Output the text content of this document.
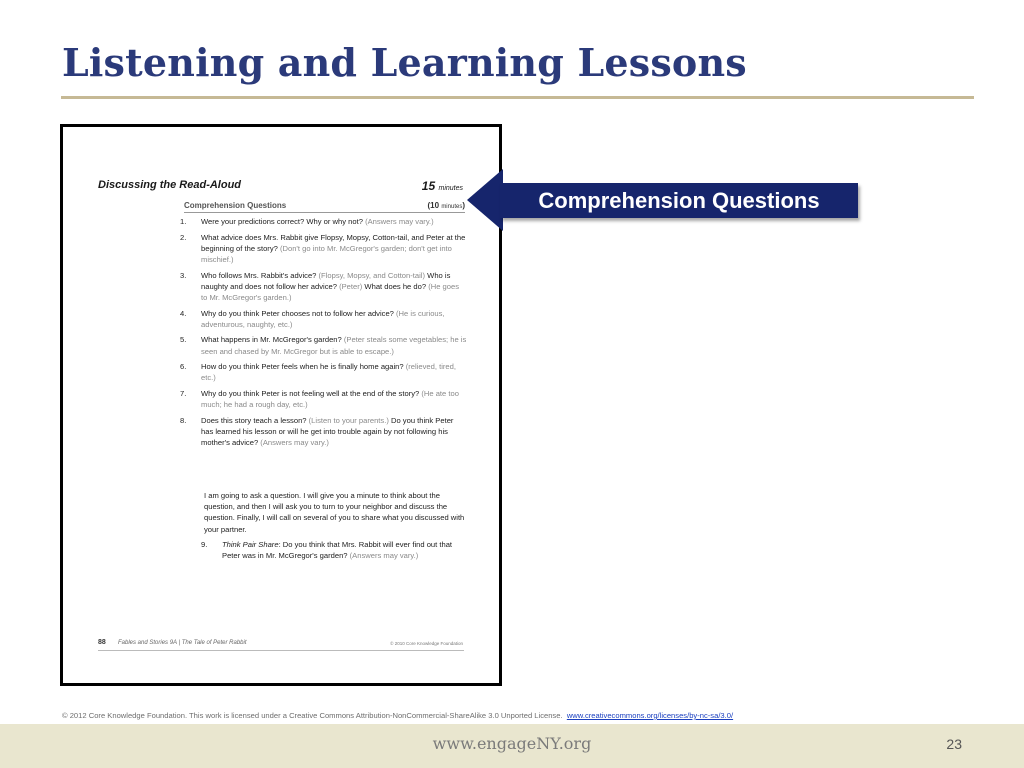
Listening and Learning Lessons
Discussing the Read-Aloud	15 minutes
Comprehension Questions	(10 minutes)
1. Were your predictions correct? Why or why not? (Answers may vary.)
2. What advice does Mrs. Rabbit give Flopsy, Mopsy, Cotton-tail, and Peter at the beginning of the story? (Don't go into Mr. McGregor's garden; don't get into mischief.)
3. Who follows Mrs. Rabbit's advice? (Flopsy, Mopsy, and Cotton-tail) Who is naughty and does not follow her advice? (Peter) What does he do? (He goes to Mr. McGregor's garden.)
4. Why do you think Peter chooses not to follow her advice? (He is curious, adventurous, naughty, etc.)
5. What happens in Mr. McGregor's garden? (Peter steals some vegetables; he is seen and chased by Mr. McGregor but is able to escape.)
6. How do you think Peter feels when he is finally home again? (relieved, tired, etc.)
7. Why do you think Peter is not feeling well at the end of the story? (He ate too much; he had a rough day, etc.)
8. Does this story teach a lesson? (Listen to your parents.) Do you think Peter has learned his lesson or will he get into trouble again by not following his mother's advice? (Answers may vary.)

I am going to ask a question. I will give you a minute to think about the question, and then I will ask you to turn to your neighbor and discuss the question. Finally, I will call on several of you to share what you discussed with your partner.

9. Think Pair Share: Do you think that Mrs. Rabbit will ever find out that Peter was in Mr. McGregor's garden? (Answers may vary.)

88 Fables and Stories 9A | The Tale of Peter Rabbit	© 2010 Core Knowledge Foundation
Comprehension Questions
© 2012 Core Knowledge Foundation. This work is licensed under a Creative Commons Attribution-NonCommercial-ShareAlike 3.0 Unported License. www.creativecommons.org/licenses/by-nc-sa/3.0/
www.engageNY.org	23
